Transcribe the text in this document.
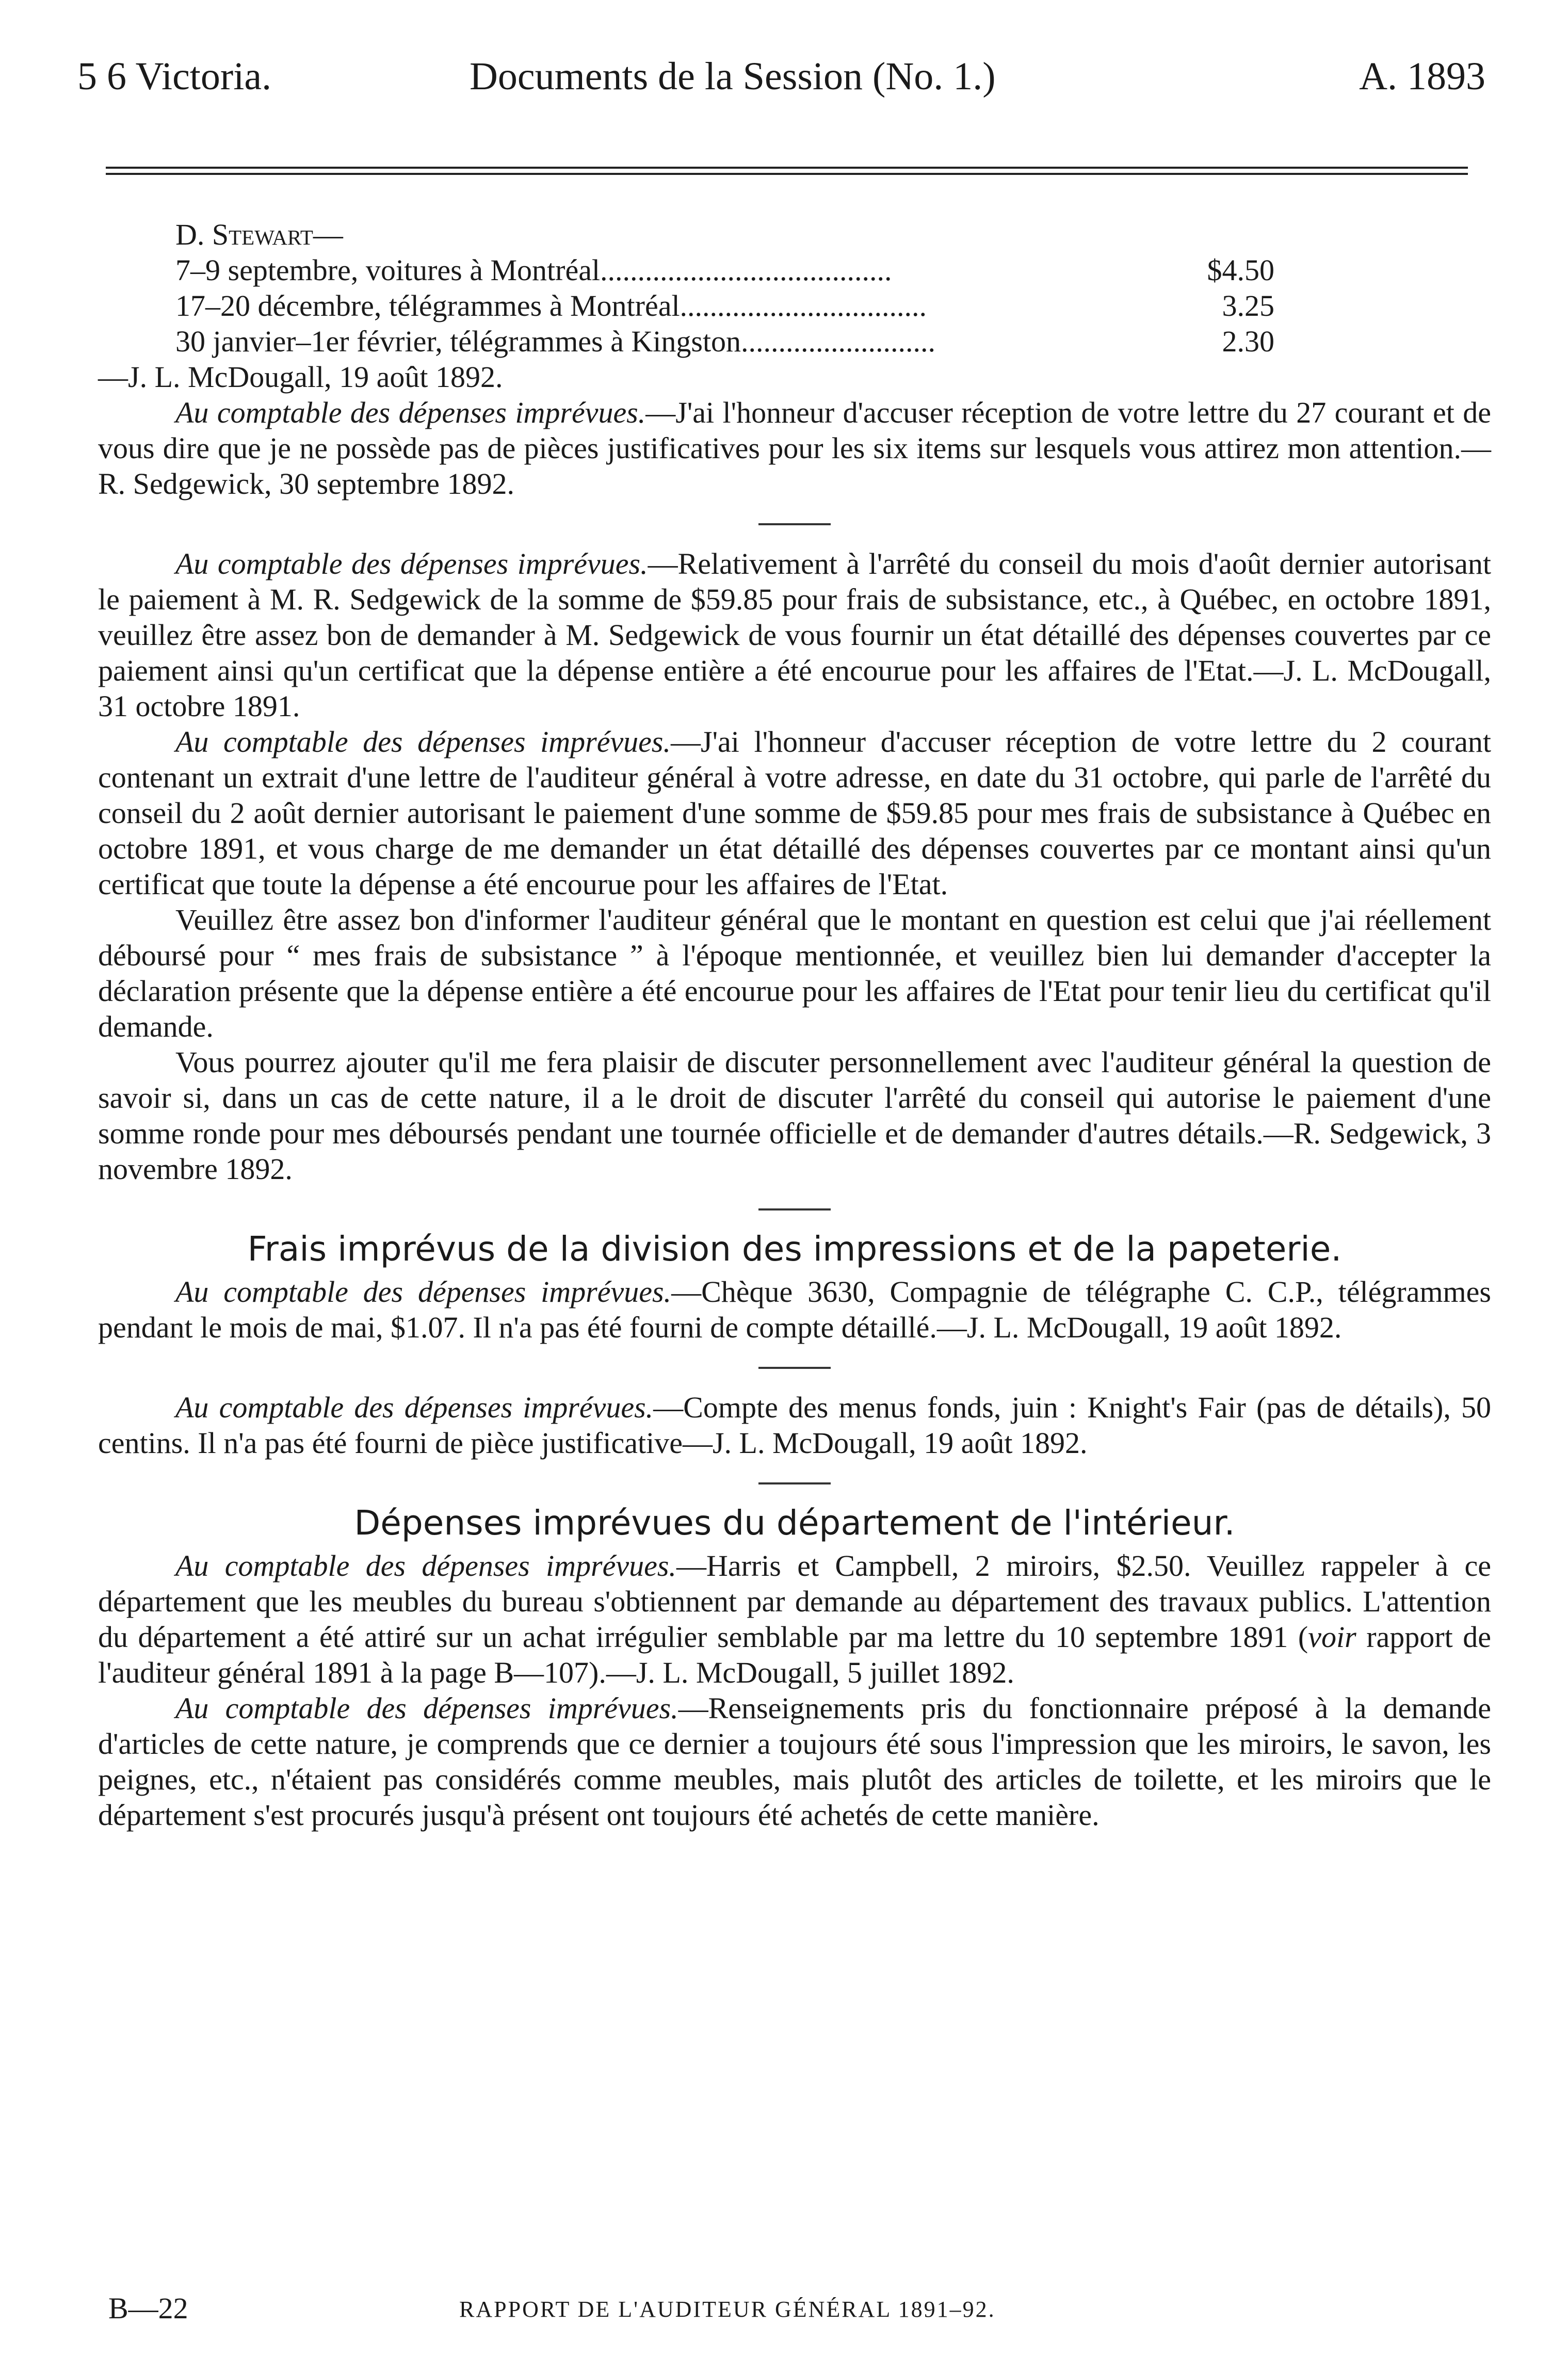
5 6 Victoria.	Documents de la Session (No. 1.)	A. 1893

D. Stewart—

7–9 septembre, voitures à Montréal.......................................	$4.50
17–20 décembre, télégrammes à Montréal.................................	3.25
30 janvier–1er février, télégrammes à Kingston..........................	2.30

—J. L. McDougall, 19 août 1892.

Au comptable des dépenses imprévues.—J'ai l'honneur d'accuser réception de votre lettre du 27 courant et de vous dire que je ne possède pas de pièces justificatives pour les six items sur lesquels vous attirez mon attention.—R. Sedgewick, 30 septembre 1892.

Au comptable des dépenses imprévues.—Relativement à l'arrêté du conseil du mois d'août dernier autorisant le paiement à M. R. Sedgewick de la somme de $59.85 pour frais de subsistance, etc., à Québec, en octobre 1891, veuillez être assez bon de demander à M. Sedgewick de vous fournir un état détaillé des dépenses couvertes par ce paiement ainsi qu'un certificat que la dépense entière a été encourue pour les affaires de l'Etat.—J. L. McDougall, 31 octobre 1891.

Au comptable des dépenses imprévues.—J'ai l'honneur d'accuser réception de votre lettre du 2 courant contenant un extrait d'une lettre de l'auditeur général à votre adresse, en date du 31 octobre, qui parle de l'arrêté du conseil du 2 août dernier autorisant le paiement d'une somme de $59.85 pour mes frais de subsistance à Québec en octobre 1891, et vous charge de me demander un état détaillé des dépenses couvertes par ce montant ainsi qu'un certificat que toute la dépense a été encourue pour les affaires de l'Etat.

Veuillez être assez bon d'informer l'auditeur général que le montant en question est celui que j'ai réellement déboursé pour “ mes frais de subsistance ” à l'époque mentionnée, et veuillez bien lui demander d'accepter la déclaration présente que la dépense entière a été encourue pour les affaires de l'Etat pour tenir lieu du certificat qu'il demande.

Vous pourrez ajouter qu'il me fera plaisir de discuter personnellement avec l'auditeur général la question de savoir si, dans un cas de cette nature, il a le droit de discuter l'arrêté du conseil qui autorise le paiement d'une somme ronde pour mes déboursés pendant une tournée officielle et de demander d'autres détails.—R. Sedgewick, 3 novembre 1892.

Frais imprévus de la division des impressions et de la papeterie.

Au comptable des dépenses imprévues.—Chèque 3630, Compagnie de télégraphe C. C.P., télégrammes pendant le mois de mai, $1.07. Il n'a pas été fourni de compte détaillé.—J. L. McDougall, 19 août 1892.

Au comptable des dépenses imprévues.—Compte des menus fonds, juin : Knight's Fair (pas de détails), 50 centins. Il n'a pas été fourni de pièce justificative—J. L. McDougall, 19 août 1892.

Dépenses imprévues du département de l'intérieur.

Au comptable des dépenses imprévues.—Harris et Campbell, 2 miroirs, $2.50. Veuillez rappeler à ce département que les meubles du bureau s'obtiennent par demande au département des travaux publics. L'attention du département a été attiré sur un achat irrégulier semblable par ma lettre du 10 septembre 1891 (voir rapport de l'auditeur général 1891 à la page B—107).—J. L. McDougall, 5 juillet 1892.

Au comptable des dépenses imprévues.—Renseignements pris du fonctionnaire préposé à la demande d'articles de cette nature, je comprends que ce dernier a toujours été sous l'impression que les miroirs, le savon, les peignes, etc., n'étaient pas considérés comme meubles, mais plutôt des articles de toilette, et les miroirs que le département s'est procurés jusqu'à présent ont toujours été achetés de cette manière.

B—22	RAPPORT DE L'AUDITEUR GÉNÉRAL 1891–92.
